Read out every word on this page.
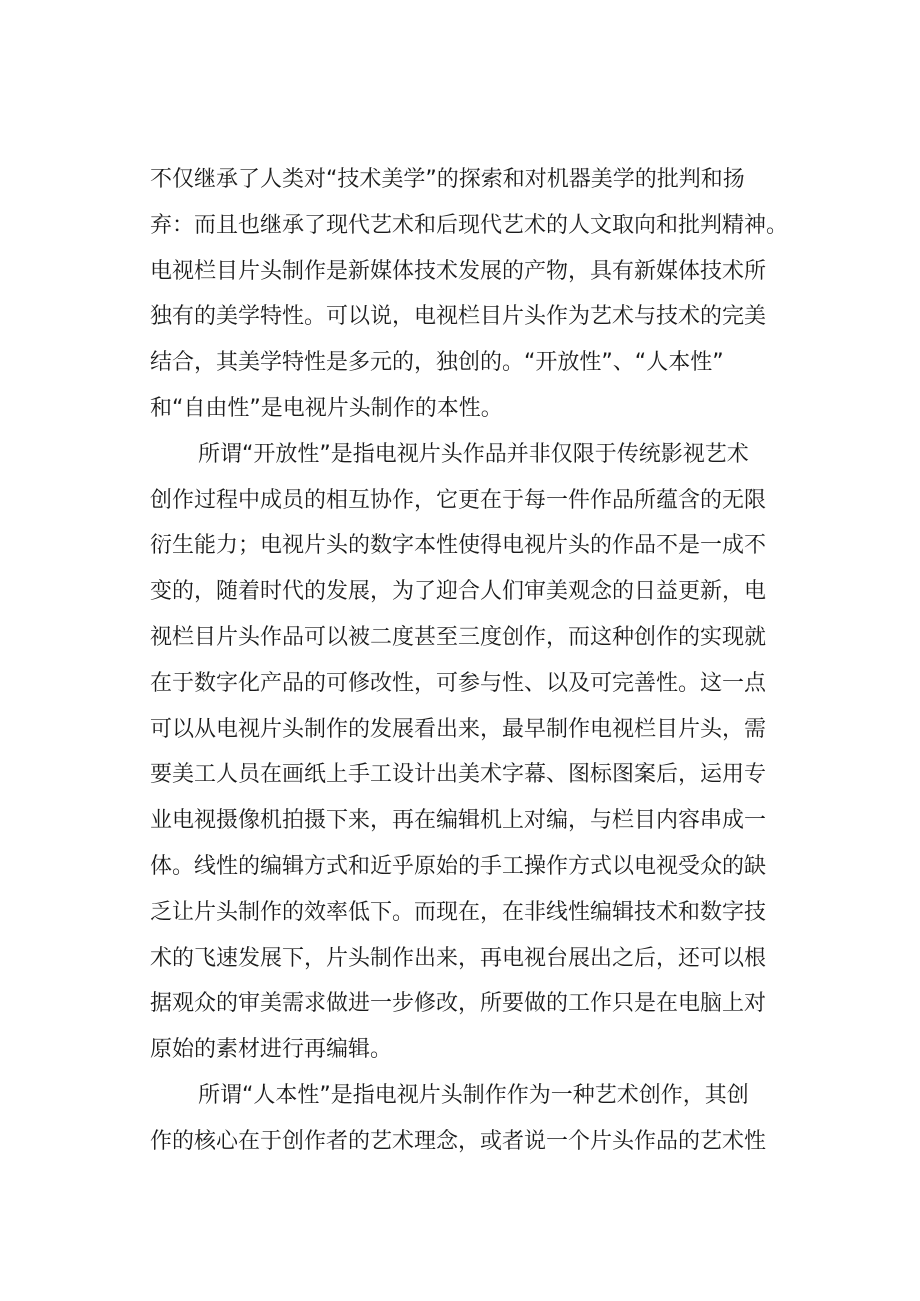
不仅继承了人类对“技术美学”的探索和对机器美学的批判和扬
弃：而且也继承了现代艺术和后现代艺术的人文取向和批判精神。
电视栏目片头制作是新媒体技术发展的产物，具有新媒体技术所
独有的美学特性。可以说，电视栏目片头作为艺术与技术的完美
结合，其美学特性是多元的，独创的。“开放性”、“人本性”
和“自由性”是电视片头制作的本性。
所谓“开放性”是指电视片头作品并非仅限于传统影视艺术
创作过程中成员的相互协作，它更在于每一件作品所蕴含的无限
衍生能力；电视片头的数字本性使得电视片头的作品不是一成不
变的，随着时代的发展，为了迎合人们审美观念的日益更新，电
视栏目片头作品可以被二度甚至三度创作，而这种创作的实现就
在于数字化产品的可修改性，可参与性、以及可完善性。这一点
可以从电视片头制作的发展看出来，最早制作电视栏目片头，需
要美工人员在画纸上手工设计出美术字幕、图标图案后，运用专
业电视摄像机拍摄下来，再在编辑机上对编，与栏目内容串成一
体。线性的编辑方式和近乎原始的手工操作方式以电视受众的缺
乏让片头制作的效率低下。而现在，在非线性编辑技术和数字技
术的飞速发展下，片头制作出来，再电视台展出之后，还可以根
据观众的审美需求做进一步修改，所要做的工作只是在电脑上对
原始的素材进行再编辑。
所谓“人本性”是指电视片头制作作为一种艺术创作，其创
作的核心在于创作者的艺术理念，或者说一个片头作品的艺术性
